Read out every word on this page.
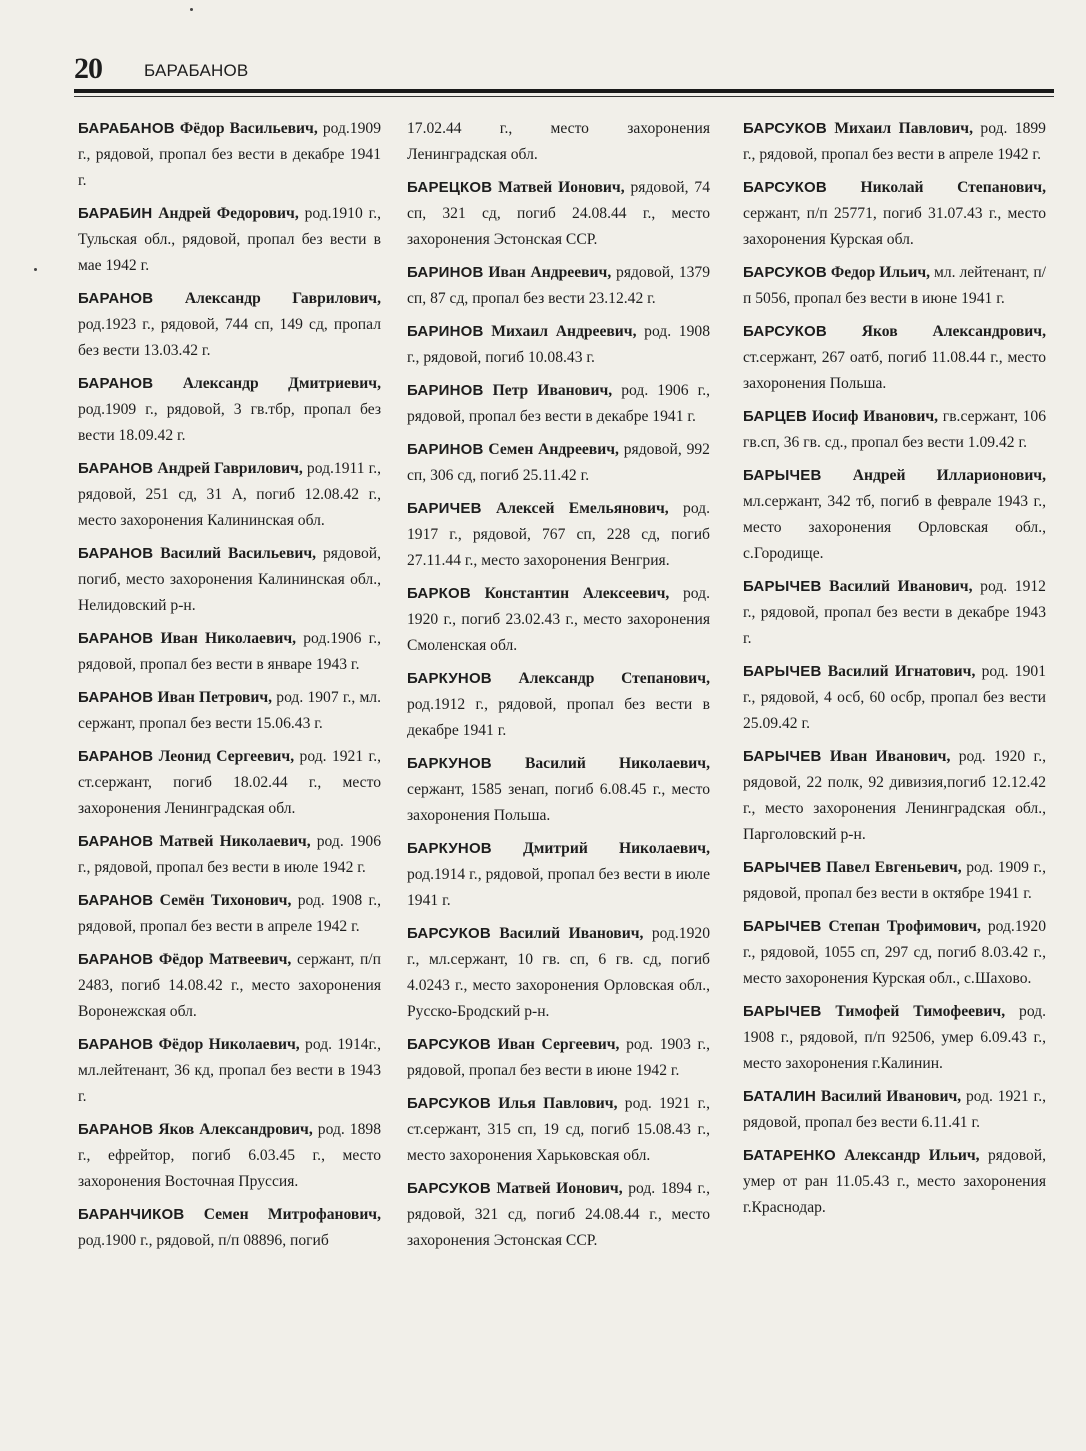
20 БАРАБАНОВ

БАРАБАНОВ Фёдор Васильевич, род.1909 г., рядовой, пропал без вести в декабре 1941 г.

БАРАБИН Андрей Федорович, род.1910 г., Тульская обл., рядовой, пропал без вести в мае 1942 г.

БАРАНОВ Александр Гаврилович, род.1923 г., рядовой, 744 сп, 149 сд, пропал без вести 13.03.42 г.

БАРАНОВ Александр Дмитриевич, род.1909 г., рядовой, 3 гв.тбр, пропал без вести 18.09.42 г.

БАРАНОВ Андрей Гаврилович, род.1911 г., рядовой, 251 сд, 31 А, погиб 12.08.42 г., место захоронения Калининская обл.

БАРАНОВ Василий Васильевич, рядовой, погиб, место захоронения Калининская обл., Нелидовский р-н.

БАРАНОВ Иван Николаевич, род.1906 г., рядовой, пропал без вести в январе 1943 г.

БАРАНОВ Иван Петрович, род. 1907 г., мл. сержант, пропал без вести 15.06.43 г.

БАРАНОВ Леонид Сергеевич, род. 1921 г., ст.сержант, погиб 18.02.44 г., место захоронения Ленинградская обл.

БАРАНОВ Матвей Николаевич, род. 1906 г., рядовой, пропал без вести в июле 1942 г.

БАРАНОВ Семён Тихонович, род. 1908 г., рядовой, пропал без вести в апреле 1942 г.

БАРАНОВ Фёдор Матвеевич, сержант, п/п 2483, погиб 14.08.42 г., место захоронения Воронежская обл.

БАРАНОВ Фёдор Николаевич, род. 1914г., мл.лейтенант, 36 кд, пропал без вести в 1943 г.

БАРАНОВ Яков Александрович, род. 1898 г., ефрейтор, погиб 6.03.45 г., место захоронения Восточная Пруссия.

БАРАНЧИКОВ Семен Митрофанович, род.1900 г., рядовой, п/п 08896, погиб

17.02.44 г., место захоронения Ленинградская обл.

БАРЕЦКОВ Матвей Ионович, рядовой, 74 сп, 321 сд, погиб 24.08.44 г., место захоронения Эстонская ССР.

БАРИНОВ Иван Андреевич, рядовой, 1379 сп, 87 сд, пропал без вести 23.12.42 г.

БАРИНОВ Михаил Андреевич, род. 1908 г., рядовой, погиб 10.08.43 г.

БАРИНОВ Петр Иванович, род. 1906 г., рядовой, пропал без вести в декабре 1941 г.

БАРИНОВ Семен Андреевич, рядовой, 992 сп, 306 сд, погиб 25.11.42 г.

БАРИЧЕВ Алексей Емельянович, род. 1917 г., рядовой, 767 сп, 228 сд, погиб 27.11.44 г., место захоронения Венгрия.

БАРКОВ Константин Алексеевич, род. 1920 г., погиб 23.02.43 г., место захоронения Смоленская обл.

БАРКУНОВ Александр Степанович, род.1912 г., рядовой, пропал без вести в декабре 1941 г.

БАРКУНОВ Василий Николаевич, сержант, 1585 зенап, погиб 6.08.45 г., место захоронения Польша.

БАРКУНОВ Дмитрий Николаевич, род.1914 г., рядовой, пропал без вести в июле 1941 г.

БАРСУКОВ Василий Иванович, род.1920 г., мл.сержант, 10 гв. сп, 6 гв. сд, погиб 4.0243 г., место захоронения Орловская обл., Русско-Бродский р-н.

БАРСУКОВ Иван Сергеевич, род. 1903 г., рядовой, пропал без вести в июне 1942 г.

БАРСУКОВ Илья Павлович, род. 1921 г., ст.сержант, 315 сп, 19 сд, погиб 15.08.43 г., место захоронения Харьковская обл.

БАРСУКОВ Матвей Ионович, род. 1894 г., рядовой, 321 сд, погиб 24.08.44 г., место захоронения Эстонская ССР.

БАРСУКОВ Михаил Павлович, род. 1899 г., рядовой, пропал без вести в апреле 1942 г.

БАРСУКОВ Николай Степанович, сержант, п/п 25771, погиб 31.07.43 г., место захоронения Курская обл.

БАРСУКОВ Федор Ильич, мл. лейтенант, п/п 5056, пропал без вести в июне 1941 г.

БАРСУКОВ Яков Александрович, ст.сержант, 267 оатб, погиб 11.08.44 г., место захоронения Польша.

БАРЦЕВ Иосиф Иванович, гв.сержант, 106 гв.сп, 36 гв. сд., пропал без вести 1.09.42 г.

БАРЫЧЕВ Андрей Илларионович, мл.сержант, 342 тб, погиб в феврале 1943 г., место захоронения Орловская обл., с.Городище.

БАРЫЧЕВ Василий Иванович, род. 1912 г., рядовой, пропал без вести в декабре 1943 г.

БАРЫЧЕВ Василий Игнатович, род. 1901 г., рядовой, 4 осб, 60 осбр, пропал без вести 25.09.42 г.

БАРЫЧЕВ Иван Иванович, род. 1920 г., рядовой, 22 полк, 92 дивизия,погиб 12.12.42 г., место захоронения Ленинградская обл., Парголовский р-н.

БАРЫЧЕВ Павел Евгеньевич, род. 1909 г., рядовой, пропал без вести в октябре 1941 г.

БАРЫЧЕВ Степан Трофимович, род.1920 г., рядовой, 1055 сп, 297 сд, погиб 8.03.42 г., место захоронения Курская обл., с.Шахово.

БАРЫЧЕВ Тимофей Тимофеевич, род. 1908 г., рядовой, п/п 92506, умер 6.09.43 г., место захоронения г.Калинин.

БАТАЛИН Василий Иванович, род. 1921 г., рядовой, пропал без вести 6.11.41 г.

БАТАРЕНКО Александр Ильич, рядовой, умер от ран 11.05.43 г., место захоронения г.Краснодар.
